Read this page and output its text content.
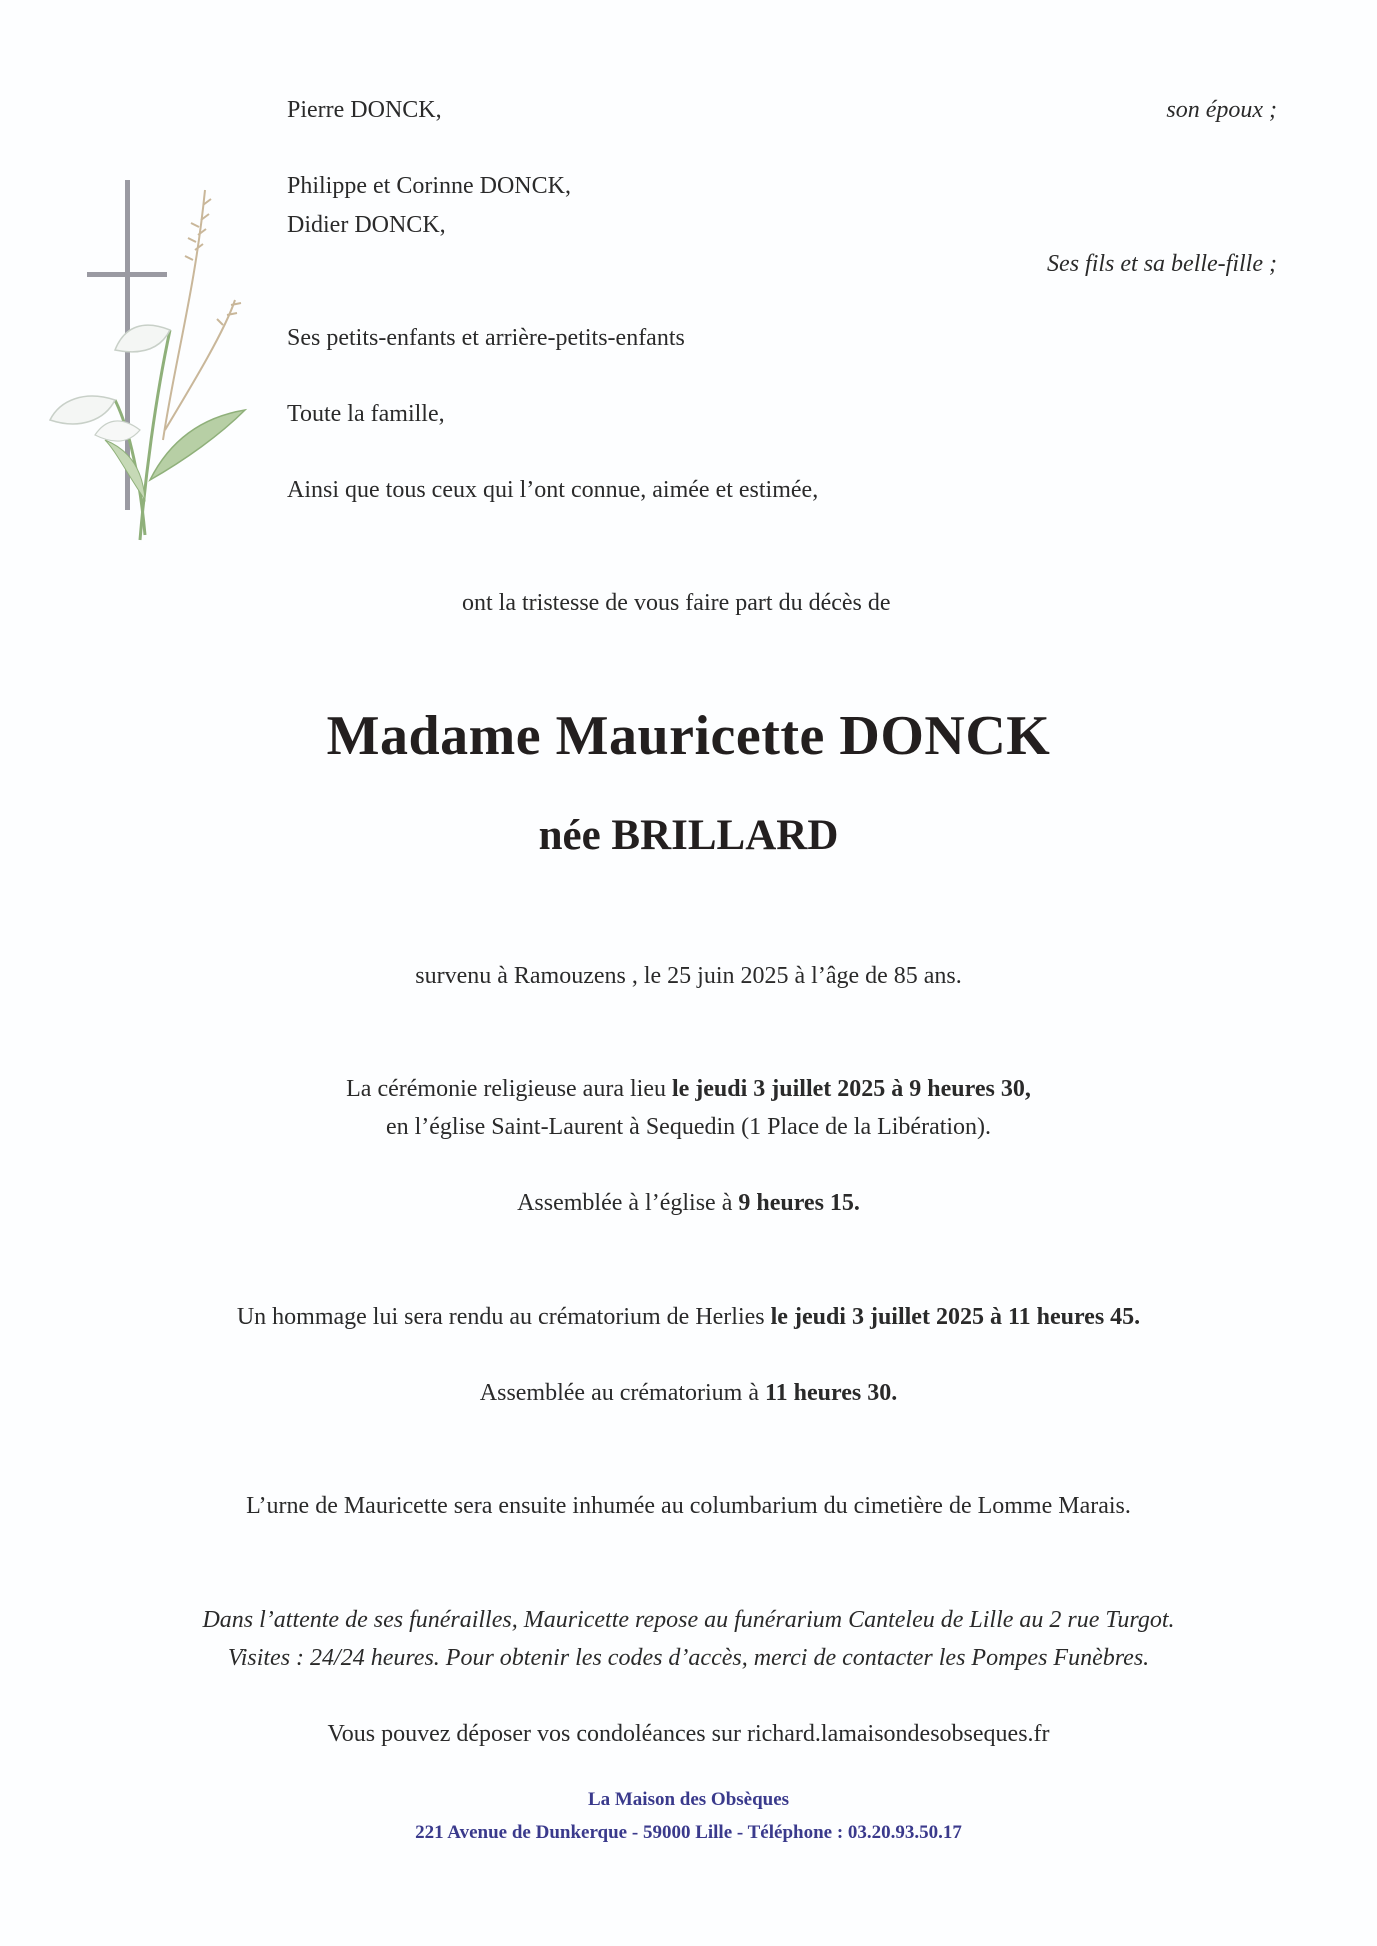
Pierre DONCK,	son époux ;
Philippe et Corinne DONCK,
Didier DONCK,
Ses fils et sa belle-fille ;
Ses petits-enfants et arrière-petits-enfants
Toute la famille,
Ainsi que tous ceux qui l’ont connue, aimée et estimée,
ont la tristesse de vous faire part du décès de
Madame Mauricette DONCK
née BRILLARD
survenu à Ramouzens , le 25 juin 2025 à l’âge de 85 ans.
La cérémonie religieuse aura lieu le jeudi 3 juillet 2025 à 9 heures 30,
en l’église Saint-Laurent à Sequedin (1 Place de la Libération).
Assemblée à l’église à 9 heures 15.
Un hommage lui sera rendu au crématorium de Herlies le jeudi 3 juillet 2025 à 11 heures 45.
Assemblée au crématorium à 11 heures 30.
L’urne de Mauricette sera ensuite inhumée au columbarium du cimetière de Lomme Marais.
Dans l’attente de ses funérailles, Mauricette repose au funérarium Canteleu de Lille au 2 rue Turgot.
Visites : 24/24 heures. Pour obtenir les codes d’accès, merci de contacter les Pompes Funèbres.
Vous pouvez déposer vos condoléances sur richard.lamaisondesobseques.fr
La Maison des Obsèques
221 Avenue de Dunkerque - 59000 Lille - Téléphone : 03.20.93.50.17
